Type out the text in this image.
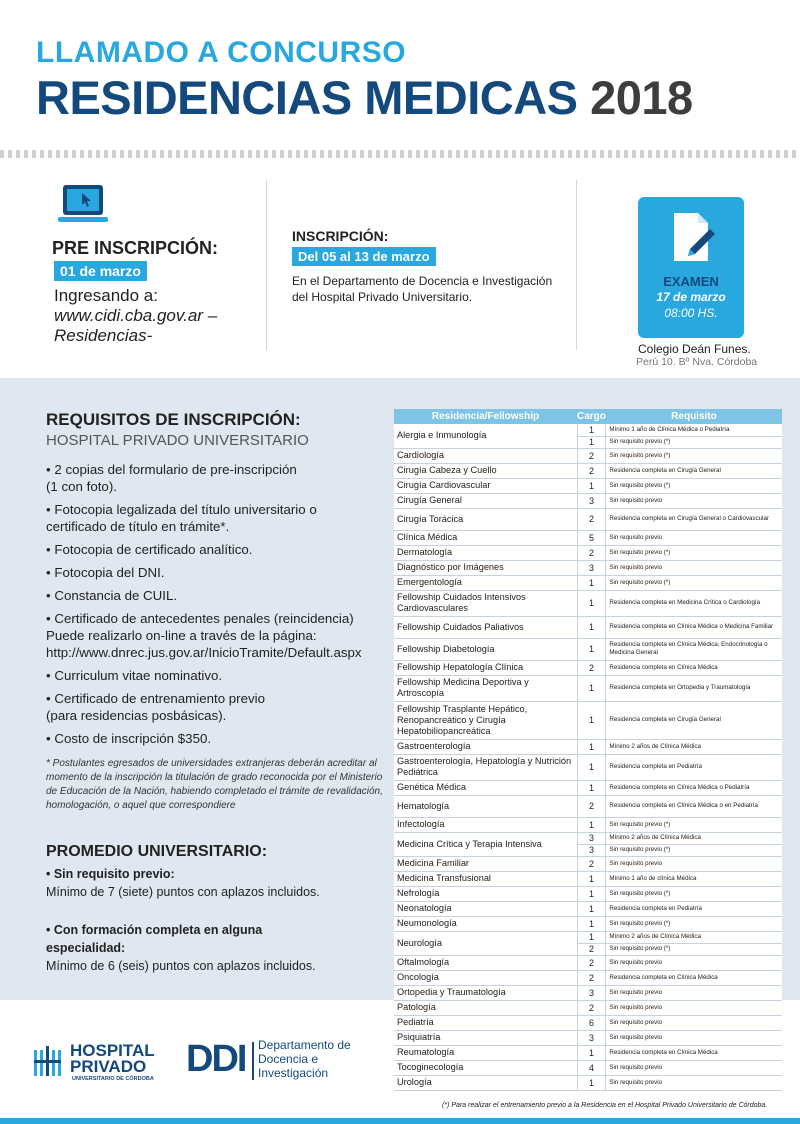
LLAMADO A CONCURSO
RESIDENCIAS MEDICAS 2018
PRE INSCRIPCIÓN:
01 de marzo
Ingresando a:
www.cidi.cba.gov.ar –
Residencias-
INSCRIPCIÓN:
Del 05 al 13 de marzo
En el Departamento de Docencia e Investigación
del Hospital Privado Universitario.
EXAMEN
17 de marzo
08:00 HS.
Colegio Deán Funes.
Perú 10. Bº Nva. Córdoba
REQUISITOS DE INSCRIPCIÓN:
HOSPITAL PRIVADO UNIVERSITARIO
• 2 copias del formulario de pre-inscripción
(1 con foto).
• Fotocopia legalizada del título universitario o
certificado de título en trámite*.
• Fotocopia de certificado analítico.
• Fotocopia del DNI.
• Constancia de CUIL.
• Certificado de antecedentes penales (reincidencia)
Puede realizarlo on-line a través de la página:
http://www.dnrec.jus.gov.ar/InicioTramite/Default.aspx
• Curriculum vitae nominativo.
• Certificado de entrenamiento previo
(para residencias posbásicas).
• Costo de inscripción $350.
* Postulantes egresados de universidades extranjeras deberán acreditar al momento de la inscripción la titulación de grado reconocida por el Ministerio de Educación de la Nación, habiendo completado el trámite de revalidación, homologación, o aquel que correspondiere
PROMEDIO UNIVERSITARIO:
• Sin requisito previo:
Mínimo de 7 (siete) puntos con aplazos incluidos.
• Con formación completa en alguna
especialidad:
Mínimo de 6 (seis) puntos con aplazos incluidos.
Residencia/Fellowship	Cargo	Requisito
Alergia e Inmunología	1	Mínimo 1 año de Clínica Médica o Pediatría
	1	Sin requisito previo (*)
Cardiología	2	Sin requisito previo (*)
Cirugía Cabeza y Cuello	2	Residencia completa en Cirugía General
Cirugía Cardiovascular	1	Sin requisito previo (*)
Cirugía General	3	Sin requisito previo
Cirugía Torácica	2	Residencia completa en Cirugía General o Cardiovascular
Clínica Médica	5	Sin requisito previo
Dermatología	2	Sin requisito previo (*)
Diagnóstico por Imágenes	3	Sin requisito previo
Emergentología	1	Sin requisito previo (*)
Fellowship Cuidados Intensivos Cardiovasculares	1	Residencia completa en Medicina Crítica o Cardiología
Fellowship Cuidados Paliativos	1	Residencia completa en Clínica Médica o Medicina Familiar
Fellowship Diabetología	1	Residencia completa en Clínica Médica; Endocrinología o Medicina General
Fellowship Hepatología Clínica	2	Residencia completa en Clínica Médica
Fellowship Medicina Deportiva y Artroscopía	1	Residencia completa en Ortopedia y Traumatología
Fellowship Trasplante Hepático, Renopancreático y Cirugía Hepatobiliopancreática	1	Residencia completa en Cirugía General
Gastroenterología	1	Mínimo 2 años de Clínica Médica
Gastroenterología, Hepatología y Nutrición Pediátrica	1	Residencia completa en Pediatría
Genética Médica	1	Residencia completa en Clínica Médica o Pediatría
Hematología	2	Residencia completa en Clínica Médica o en Pediatría
Infectología	1	Sin requisito previo (*)
Medicina Crítica y Terapia Intensiva	3	Mínimo 2 años de Clínica Médica
	3	Sin requisito previo (*)
Medicina Familiar	2	Sin requisito previo
Medicina Transfusional	1	Mínimo 1 año de clínica Médica
Nefrología	1	Sin requisito previo (*)
Neonatología	1	Residencia completa en Pediatría
Neumonología	1	Sin requisito previo (*)
Neurología	1	Mínimo 2 años de Clínica Médica
	2	Sin requisito previo (*)
Oftalmología	2	Sin requisito previo
Oncología	2	Residencia completa en Clínica Médica
Ortopedia y Traumatología	3	Sin requisito previo
Patología	2	Sin requisito previo
Pediatría	6	Sin requisito previo
Psiquiatría	3	Sin requisito previo
Reumatología	1	Residencia completa en Clínica Médica
Tocoginecología	4	Sin requisito previo
Urología	1	Sin requisito previo
HOSPITAL
PRIVADO
UNIVERSITARIO DE CÓRDOBA DDI Departamento de
Docencia e
Investigación
(*) Para realizar el entrenamiento previo a la Residencia en el Hospital Privado Universitario de Córdoba.
